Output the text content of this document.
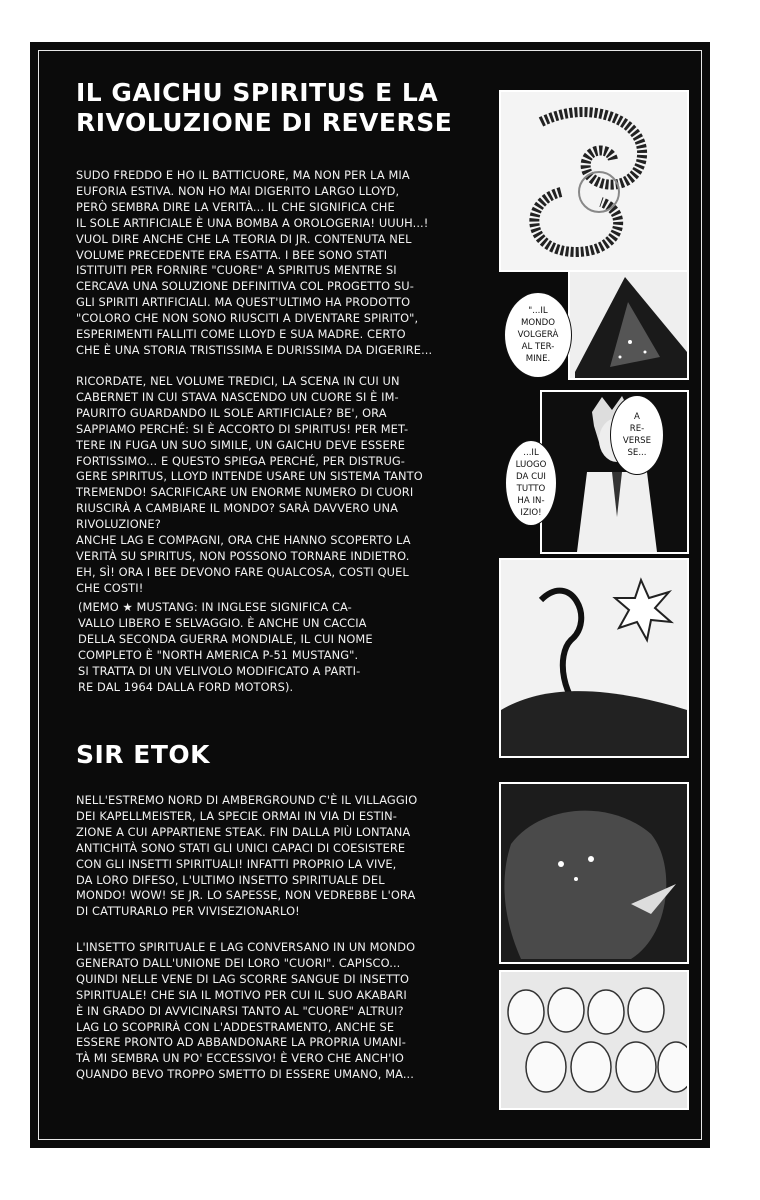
IL GAICHU SPIRITUS E LA
RIVOLUZIONE DI REVERSE

SUDO FREDDO E HO IL BATTICUORE, MA NON PER LA MIA
EUFORIA ESTIVA. NON HO MAI DIGERITO LARGO LLOYD,
PERÒ SEMBRA DIRE LA VERITÀ... IL CHE SIGNIFICA CHE
IL SOLE ARTIFICIALE È UNA BOMBA A OROLOGERIA! UUUH...!
VUOL DIRE ANCHE CHE LA TEORIA DI JR. CONTENUTA NEL
VOLUME PRECEDENTE ERA ESATTA. I BEE SONO STATI
ISTITUITI PER FORNIRE "CUORE" A SPIRITUS MENTRE SI
CERCAVA UNA SOLUZIONE DEFINITIVA COL PROGETTO SU-
GLI SPIRITI ARTIFICIALI. MA QUEST'ULTIMO HA PRODOTTO
"COLORO CHE NON SONO RIUSCITI A DIVENTARE SPIRITO",
ESPERIMENTI FALLITI COME LLOYD E SUA MADRE. CERTO
CHE È UNA STORIA TRISTISSIMA E DURISSIMA DA DIGERIRE...

RICORDATE, NEL VOLUME TREDICI, LA SCENA IN CUI UN
CABERNET IN CUI STAVA NASCENDO UN CUORE SI È IM-
PAURITO GUARDANDO IL SOLE ARTIFICIALE? BE', ORA
SAPPIAMO PERCHÉ: SI È ACCORTO DI SPIRITUS! PER MET-
TERE IN FUGA UN SUO SIMILE, UN GAICHU DEVE ESSERE
FORTISSIMO... E QUESTO SPIEGA PERCHÉ, PER DISTRUG-
GERE SPIRITUS, LLOYD INTENDE USARE UN SISTEMA TANTO
TREMENDO! SACRIFICARE UN ENORME NUMERO DI CUORI
RIUSCIRÀ A CAMBIARE IL MONDO? SARÀ DAVVERO UNA
RIVOLUZIONE?
ANCHE LAG E COMPAGNI, ORA CHE HANNO SCOPERTO LA
VERITÀ SU SPIRITUS, NON POSSONO TORNARE INDIETRO.
EH, SÌ! ORA I BEE DEVONO FARE QUALCOSA, COSTI QUEL
CHE COSTI!

(MEMO ★ MUSTANG: IN INGLESE SIGNIFICA CA-
VALLO LIBERO E SELVAGGIO. È ANCHE UN CACCIA
DELLA SECONDA GUERRA MONDIALE, IL CUI NOME
COMPLETO È "NORTH AMERICA P-51 MUSTANG".
SI TRATTA DI UN VELIVOLO MODIFICATO A PARTI-
RE DAL 1964 DALLA FORD MOTORS).

SIR ETOK

NELL'ESTREMO NORD DI AMBERGROUND C'È IL VILLAGGIO
DEI KAPELLMEISTER, LA SPECIE ORMAI IN VIA DI ESTIN-
ZIONE A CUI APPARTIENE STEAK. FIN DALLA PIÙ LONTANA
ANTICHITÀ SONO STATI GLI UNICI CAPACI DI COESISTERE
CON GLI INSETTI SPIRITUALI! INFATTI PROPRIO LA VIVE,
DA LORO DIFESO, L'ULTIMO INSETTO SPIRITUALE DEL
MONDO! WOW! SE JR. LO SAPESSE, NON VEDREBBE L'ORA
DI CATTURARLO PER VIVISEZIONARLO!

L'INSETTO SPIRITUALE E LAG CONVERSANO IN UN MONDO
GENERATO DALL'UNIONE DEI LORO "CUORI". CAPISCO...
QUINDI NELLE VENE DI LAG SCORRE SANGUE DI INSETTO
SPIRITUALE! CHE SIA IL MOTIVO PER CUI IL SUO AKABARI
È IN GRADO DI AVVICINARSI TANTO AL "CUORE" ALTRUI?
LAG LO SCOPRIRÀ CON L'ADDESTRAMENTO, ANCHE SE
ESSERE PRONTO AD ABBANDONARE LA PROPRIA UMANI-
TÀ MI SEMBRA UN PO' ECCESSIVO! È VERO CHE ANCH'IO
QUANDO BEVO TROPPO SMETTO DI ESSERE UMANO, MA...

"...IL
MONDO
VOLGERÀ
AL TER-
MINE.
A
RE-
VERSE
SE...
...IL
LUOGO
DA CUI
TUTTO
HA IN-
IZIO!
